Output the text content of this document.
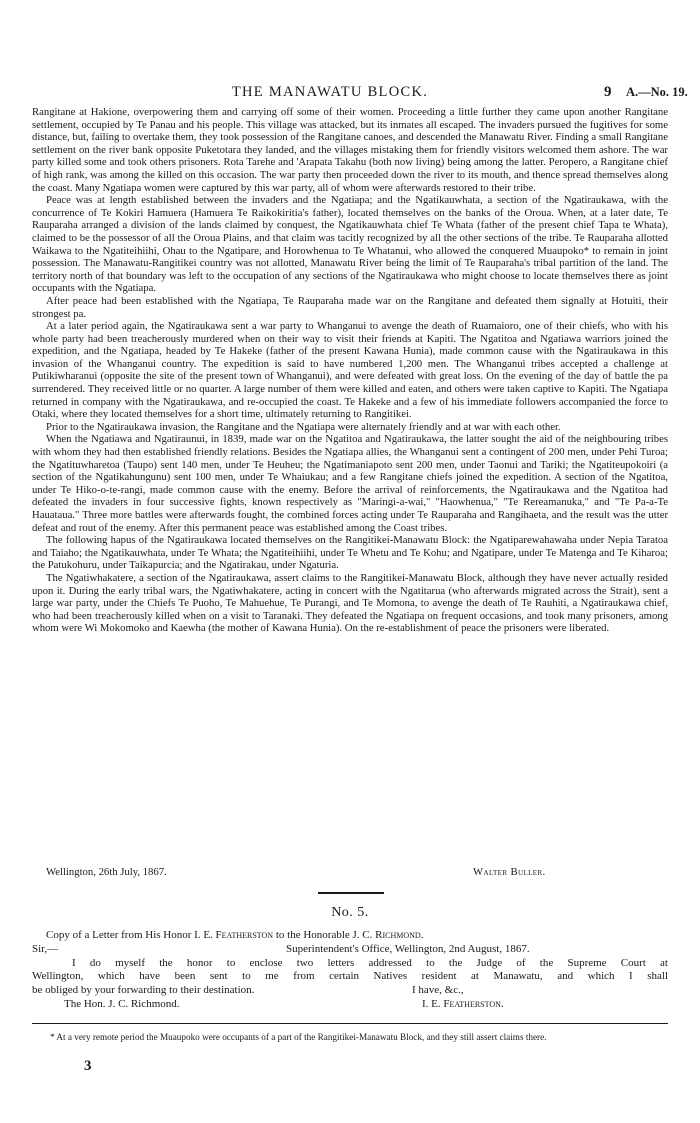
THE MANAWATU BLOCK.	9 A.—No. 19.

Rangitane at Hakione, overpowering them and carrying off some of their women. Proceeding a little further they came upon another Rangitane settlement, occupied by Te Panau and his people. This village was attacked, but its inmates all escaped. The invaders pursued the fugitives for some distance, but, failing to overtake them, they took possession of the Rangitane canoes, and descended the Manawatu River. Finding a small Rangitane settlement on the river bank opposite Puketotara they landed, and the villages mistaking them for friendly visitors welcomed them ashore. The war party killed some and took others prisoners. Rota Tarehe and 'Arapata Takahu (both now living) being among the latter. Peropero, a Rangitane chief of high rank, was among the killed on this occasion. The war party then proceeded down the river to its mouth, and thence spread themselves along the coast. Many Ngatiapa women were captured by this war party, all of whom were afterwards restored to their tribe.

Peace was at length established between the invaders and the Ngatiapa; and the Ngatikauwhata, a section of the Ngatiraukawa, with the concurrence of Te Kokiri Hamuera (Hamuera Te Raikokiritia's father), located themselves on the banks of the Oroua. When, at a later date, Te Rauparaha arranged a division of the lands claimed by conquest, the Ngatikauwhata chief Te Whata (father of the present chief Tapa te Whata), claimed to be the possessor of all the Oroua Plains, and that claim was tacitly recognized by all the other sections of the tribe. Te Rauparaha allotted Waikawa to the Ngatiteihiihi, Ohau to the Ngatipare, and Horowhenua to Te Whatanui, who allowed the conquered Muaupoko* to remain in joint possession. The Manawatu-Rangitikei country was not allotted, Manawatu River being the limit of Te Rauparaha's tribal partition of the land. The territory north of that boundary was left to the occupation of any sections of the Ngatiraukawa who might choose to locate themselves there as joint occupants with the Ngatiapa.

After peace had been established with the Ngatiapa, Te Rauparaha made war on the Rangitane and defeated them signally at Hotuiti, their strongest pa.

At a later period again, the Ngatiraukawa sent a war party to Whanganui to avenge the death of Ruamaioro, one of their chiefs, who with his whole party had been treacherously murdered when on their way to visit their friends at Kapiti. The Ngatitoa and Ngatiawa warriors joined the expedition, and the Ngatiapa, headed by Te Hakeke (father of the present Kawana Hunia), made common cause with the Ngatiraukawa in this invasion of the Whanganui country. The expedition is said to have numbered 1,200 men. The Whanganui tribes accepted a challenge at Putikiwharanui (opposite the site of the present town of Whanganui), and were defeated with great loss. On the evening of the day of battle the pa surrendered. They received little or no quarter. A large number of them were killed and eaten, and others were taken captive to Kapiti. The Ngatiapa returned in company with the Ngatiraukawa, and re-occupied the coast. Te Hakeke and a few of his immediate followers accompanied the force to Otaki, where they located themselves for a short time, ultimately returning to Rangitikei.

Prior to the Ngatiraukawa invasion, the Rangitane and the Ngatiapa were alternately friendly and at war with each other.

When the Ngatiawa and Ngatiraunui, in 1839, made war on the Ngatitoa and Ngatiraukawa, the latter sought the aid of the neighbouring tribes with whom they had then established friendly relations. Besides the Ngatiapa allies, the Whanganui sent a contingent of 200 men, under Pehi Turoa; the Ngatituwharetoa (Taupo) sent 140 men, under Te Heuheu; the Ngatimaniapoto sent 200 men, under Taonui and Tariki; the Ngatiteupokoiri (a section of the Ngatikahungunu) sent 100 men, under Te Whaiukau; and a few Rangitane chiefs joined the expedition. A section of the Ngatitoa, under Te Hiko-o-te-rangi, made common cause with the enemy. Before the arrival of reinforcements, the Ngatiraukawa and the Ngatitoa had defeated the invaders in four successive fights, known respectively as "Maringi-a-wai," "Haowhenua," "Te Rereamanuka," and "Te Pa-a-Te Hauataua." Three more battles were afterwards fought, the combined forces acting under Te Rauparaha and Rangihaeta, and the result was the utter defeat and rout of the enemy. After this permanent peace was established among the Coast tribes.

The following hapus of the Ngatiraukawa located themselves on the Rangitikei-Manawatu Block: the Ngatiparewahawaha under Nepia Taratoa and Taiaho; the Ngatikauwhata, under Te Whata; the Ngatiteihiihi, under Te Whetu and Te Kohu; and Ngatipare, under Te Matenga and Te Kiharoa; the Patukohuru, under Taikapurcia; and the Ngatirakau, under Ngaturia.

The Ngatiwhakatere, a section of the Ngatiraukawa, assert claims to the Rangitikei-Manawatu Block, although they have never actually resided upon it. During the early tribal wars, the Ngatiwhakatere, acting in concert with the Ngatitarua (who afterwards migrated across the Strait), sent a large war party, under the Chiefs Te Puoho, Te Mahuehue, Te Purangi, and Te Momona, to avenge the death of Te Rauhiti, a Ngatiraukawa chief, who had been treacherously killed when on a visit to Taranaki. They defeated the Ngatiapa on frequent occasions, and took many prisoners, among whom were Wi Mokomoko and Kaewha (the mother of Kawana Hunia). On the re-establishment of peace the prisoners were liberated.

Wellington, 26th July, 1867.	Walter Buller.
No. 5.
Copy of a Letter from His Honor I. E. Featherston to the Honorable J. C. Richmond.
Sir,—	Superintendent's Office, Wellington, 2nd August, 1867.
I do myself the honor to enclose two letters addressed to the Judge of the Supreme Court at
Wellington, which have been sent to me from certain Natives resident at Manawatu, and which I shall
be obliged by your forwarding to their destination.	I have, &c.,
The Hon. J. C. Richmond.	I. E. Featherston.
* At a very remote period the Muaupoko were occupants of a part of the Rangitikei-Manawatu Block, and they still assert claims there.
3
